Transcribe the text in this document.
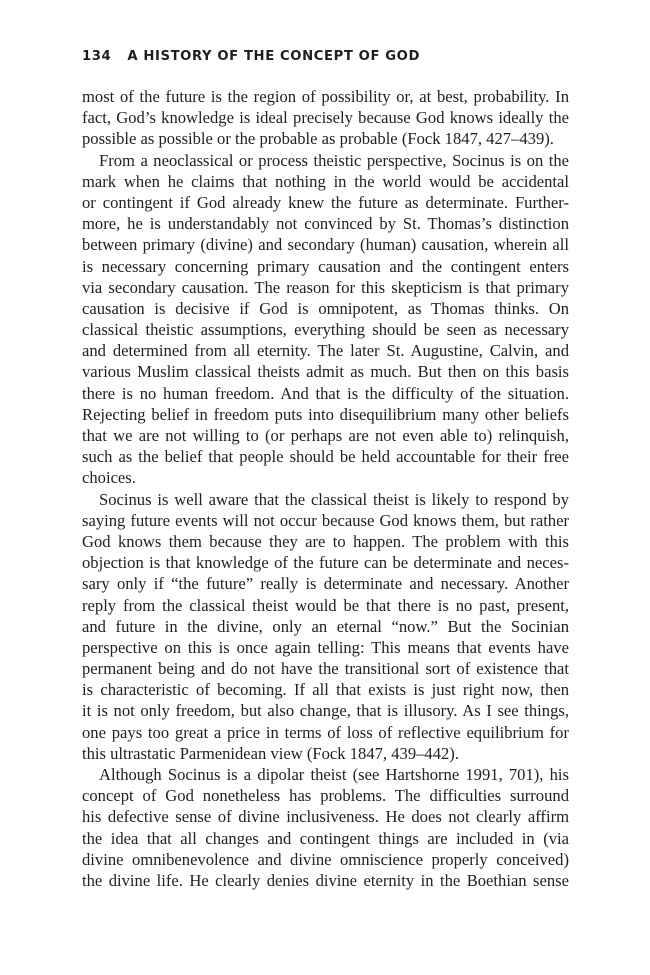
134 A HISTORY OF THE CONCEPT OF GOD
most of the future is the region of possibility or, at best, probability. In
fact, God’s knowledge is ideal precisely because God knows ideally the
possible as possible or the probable as probable (Fock 1847, 427–439).
From a neoclassical or process theistic perspective, Socinus is on the
mark when he claims that nothing in the world would be accidental
or contingent if God already knew the future as determinate. Further-
more, he is understandably not convinced by St. Thomas’s distinction
between primary (divine) and secondary (human) causation, wherein all
is necessary concerning primary causation and the contingent enters
via secondary causation. The reason for this skepticism is that primary
causation is decisive if God is omnipotent, as Thomas thinks. On
classical theistic assumptions, everything should be seen as necessary
and determined from all eternity. The later St. Augustine, Calvin, and
various Muslim classical theists admit as much. But then on this basis
there is no human freedom. And that is the difficulty of the situation.
Rejecting belief in freedom puts into disequilibrium many other beliefs
that we are not willing to (or perhaps are not even able to) relinquish,
such as the belief that people should be held accountable for their free
choices.
Socinus is well aware that the classical theist is likely to respond by
saying future events will not occur because God knows them, but rather
God knows them because they are to happen. The problem with this
objection is that knowledge of the future can be determinate and neces-
sary only if “the future” really is determinate and necessary. Another
reply from the classical theist would be that there is no past, present,
and future in the divine, only an eternal “now.” But the Socinian
perspective on this is once again telling: This means that events have
permanent being and do not have the transitional sort of existence that
is characteristic of becoming. If all that exists is just right now, then
it is not only freedom, but also change, that is illusory. As I see things,
one pays too great a price in terms of loss of reflective equilibrium for
this ultrastatic Parmenidean view (Fock 1847, 439–442).
Although Socinus is a dipolar theist (see Hartshorne 1991, 701), his
concept of God nonetheless has problems. The difficulties surround
his defective sense of divine inclusiveness. He does not clearly affirm
the idea that all changes and contingent things are included in (via
divine omnibenevolence and divine omniscience properly conceived)
the divine life. He clearly denies divine eternity in the Boethian sense
